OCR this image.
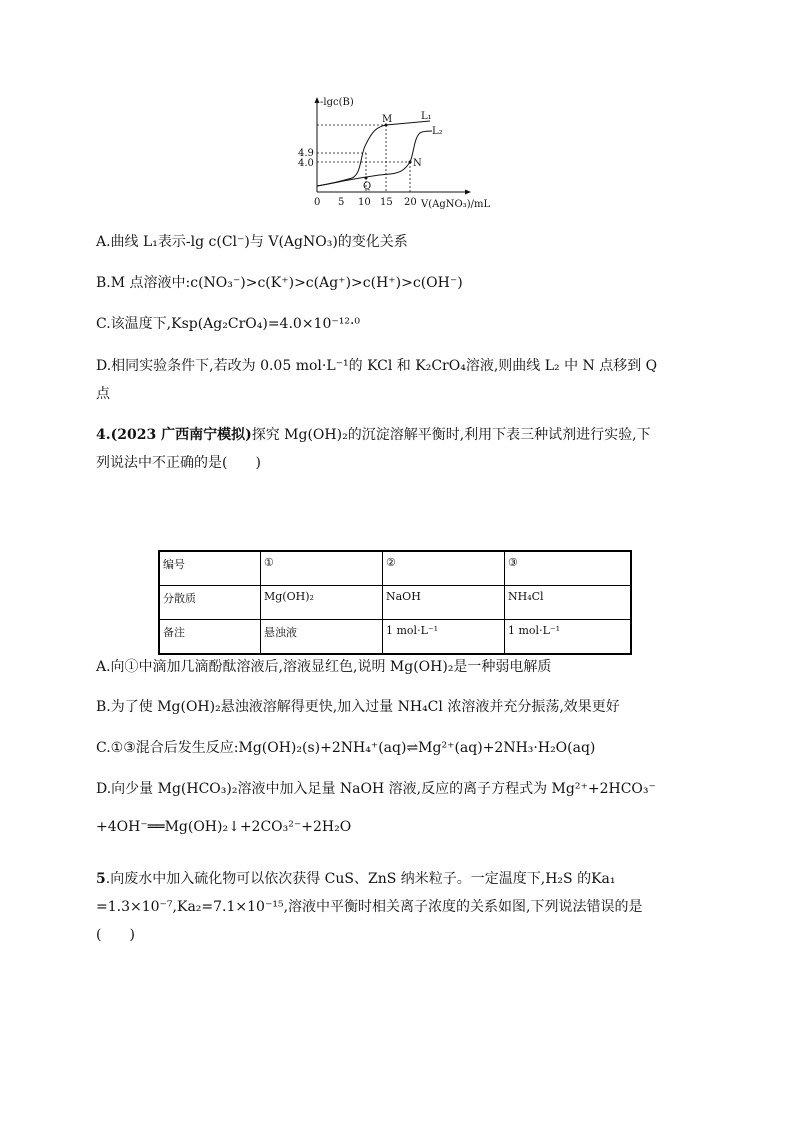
-lgc(B)
V(AgNO₃)/mL
4.9
4.0
0 5 10 15 20
L₁
L₂
M
N
Q
A.曲线 L₁表示-lg c(Cl⁻)与 V(AgNO₃)的变化关系
B.M 点溶液中:c(NO₃⁻)>c(K⁺)>c(Ag⁺)>c(H⁺)>c(OH⁻)
C.该温度下,Ksp(Ag₂CrO₄)=4.0×10⁻¹²·⁰
D.相同实验条件下,若改为 0.05 mol·L⁻¹的 KCl 和 K₂CrO₄溶液,则曲线 L₂ 中 N 点移到 Q
点
4.(2023 广西南宁模拟)探究 Mg(OH)₂的沉淀溶解平衡时,利用下表三种试剂进行实验,下
列说法中不正确的是(　　)
编号	①	②	③
分散质	Mg(OH)₂	NaOH	NH₄Cl
备注	悬浊液	1 mol·L⁻¹	1 mol·L⁻¹
A.向①中滴加几滴酚酞溶液后,溶液显红色,说明 Mg(OH)₂是一种弱电解质
B.为了使 Mg(OH)₂悬浊液溶解得更快,加入过量 NH₄Cl 浓溶液并充分振荡,效果更好
C.①③混合后发生反应:Mg(OH)₂(s)+2NH₄⁺(aq)⇌Mg²⁺(aq)+2NH₃·H₂O(aq)
D.向少量 Mg(HCO₃)₂溶液中加入足量 NaOH 溶液,反应的离子方程式为 Mg²⁺+2HCO₃⁻
+4OH⁻══Mg(OH)₂↓+2CO₃²⁻+2H₂O
5.向废水中加入硫化物可以依次获得 CuS、ZnS 纳米粒子。一定温度下,H₂S 的Ka₁
=1.3×10⁻⁷,Ka₂=7.1×10⁻¹⁵,溶液中平衡时相关离子浓度的关系如图,下列说法错误的是
(　　)
